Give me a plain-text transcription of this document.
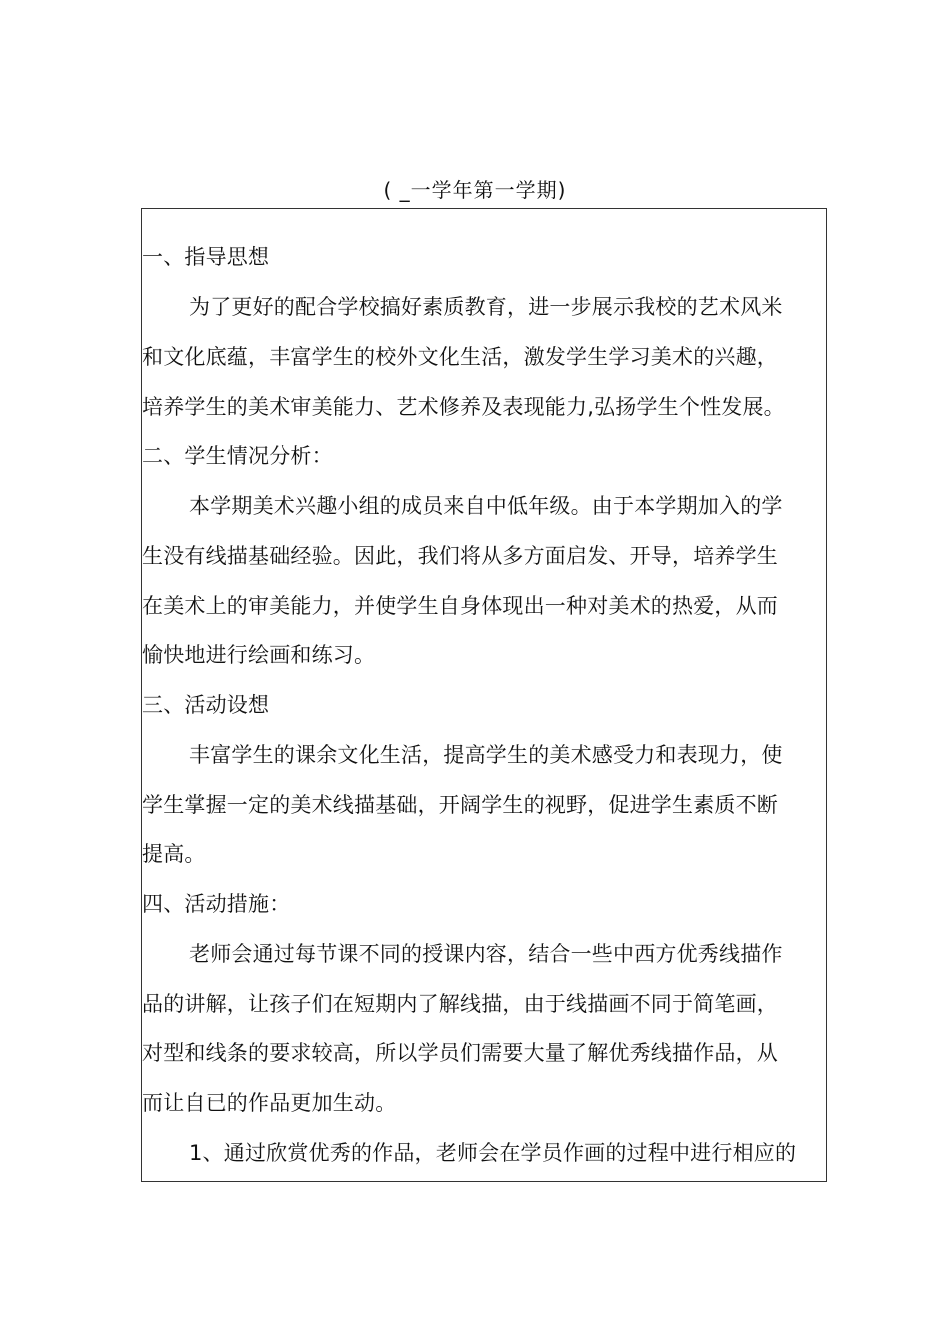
( _一学年第一学期)
一、指导思想
为了更好的配合学校搞好素质教育，进一步展示我校的艺术风米
和文化底蕴，丰富学生的校外文化生活，激发学生学习美术的兴趣，
培养学生的美术审美能力、艺术修养及表现能力,弘扬学生个性发展。
二、学生情况分析：
本学期美术兴趣小组的成员来自中低年级。由于本学期加入的学
生没有线描基础经验。因此，我们将从多方面启发、开导，培养学生
在美术上的审美能力，并使学生自身体现出一种对美术的热爱，从而
愉快地进行绘画和练习。
三、活动设想
丰富学生的课余文化生活，提高学生的美术感受力和表现力，使
学生掌握一定的美术线描基础，开阔学生的视野，促进学生素质不断
提高。
四、活动措施：
老师会通过每节课不同的授课内容，结合一些中西方优秀线描作
品的讲解，让孩子们在短期内了解线描，由于线描画不同于简笔画，
对型和线条的要求较高，所以学员们需要大量了解优秀线描作品，从
而让自已的作品更加生动。
1、通过欣赏优秀的作品，老师会在学员作画的过程中进行相应的
